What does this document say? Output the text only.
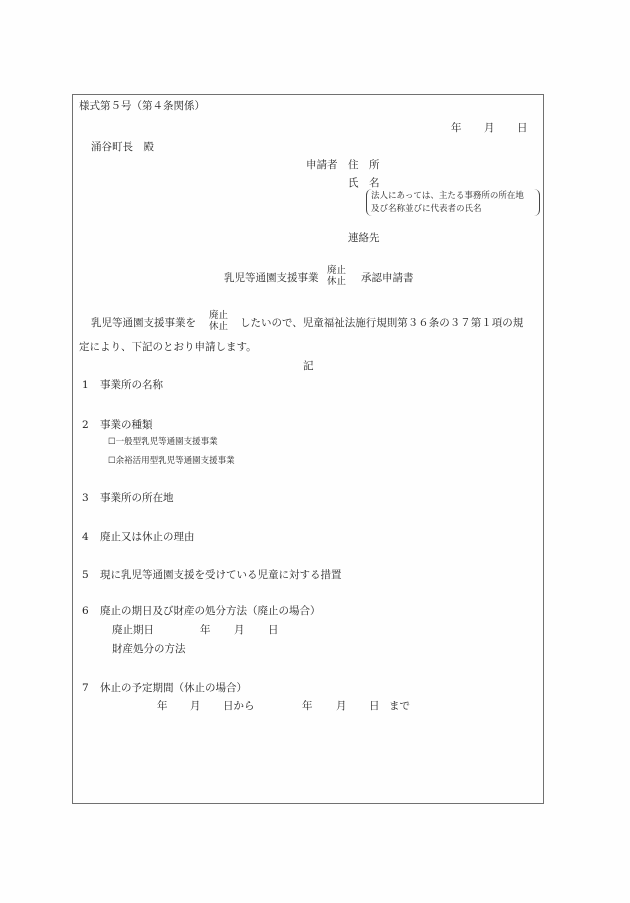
様式第５号（第４条関係）
年 月 日
涌谷町長　殿
申請者 住　所
氏　名
法人にあっては、主たる事務所の所在地
及び名称並びに代表者の氏名
連絡先
乳児等通園支援事業
廃止
休止 承認申請書
乳児等通園支援事業を
廃止
休止 したいので、児童福祉法施行規則第３６条の３７第１項の規
定により、下記のとおり申請します。
記
1 事業所の名称
2 事業の種類
☐一般型乳児等通園支援事業
☐余裕活用型乳児等通園支援事業
3 事業所の所在地
4 廃止又は休止の理由
5 現に乳児等通園支援を受けている児童に対する措置
6 廃止の期日及び財産の処分方法（廃止の場合）
廃止期日	年 月 日
財産処分の方法
7 休止の予定期間（休止の場合）
年 月 日から	年 月 日 まで
